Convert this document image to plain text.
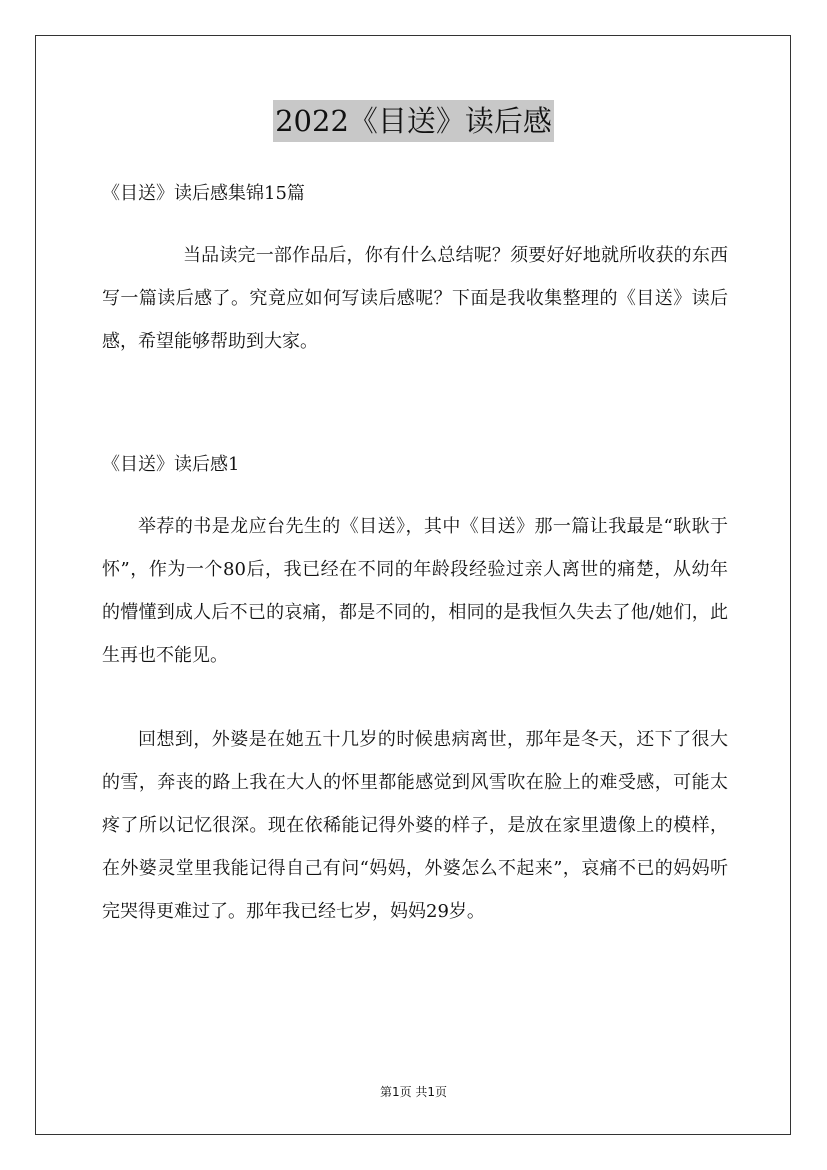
2022《目送》读后感

《目送》读后感集锦15篇

当品读完一部作品后，你有什么总结呢？须要好好地就所收获的东西写一篇读后感了。究竟应如何写读后感呢？下面是我收集整理的《目送》读后感，希望能够帮助到大家。

《目送》读后感1

举荐的书是龙应台先生的《目送》，其中《目送》那一篇让我最是“耿耿于怀”，作为一个80后，我已经在不同的年龄段经验过亲人离世的痛楚，从幼年的懵懂到成人后不已的哀痛，都是不同的，相同的是我恒久失去了他/她们，此生再也不能见。

回想到，外婆是在她五十几岁的时候患病离世，那年是冬天，还下了很大的雪，奔丧的路上我在大人的怀里都能感觉到风雪吹在脸上的难受感，可能太疼了所以记忆很深。现在依稀能记得外婆的样子，是放在家里遗像上的模样，在外婆灵堂里我能记得自己有问“妈妈，外婆怎么不起来”，哀痛不已的妈妈听完哭得更难过了。那年我已经七岁，妈妈29岁。

第1页 共1页
